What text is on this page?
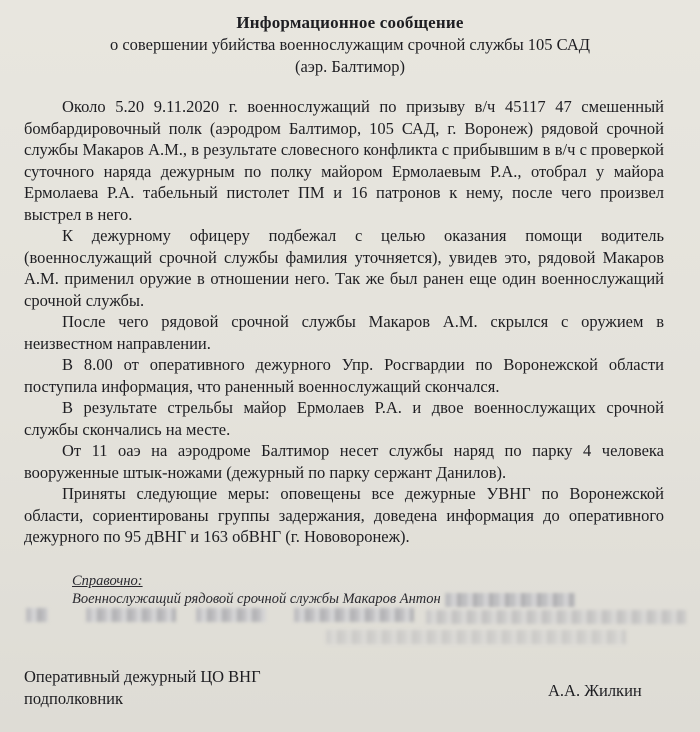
Информационное сообщение
о совершении убийства военнослужащим срочной службы 105 САД
(аэр. Балтимор)

Около 5.20 9.11.2020 г. военнослужащий по призыву в/ч 45117 47 смешенный бомбардировочный полк (аэродром Балтимор, 105 САД, г. Воронеж) рядовой срочной службы Макаров А.М., в результате словесного конфликта с прибывшим в в/ч с проверкой суточного наряда дежурным по полку майором Ермолаевым Р.А., отобрал у майора Ермолаева Р.А. табельный пистолет ПМ и 16 патронов к нему, после чего произвел выстрел в него.

К дежурному офицеру подбежал с целью оказания помощи водитель (военнослужащий срочной службы фамилия уточняется), увидев это, рядовой Макаров А.М. применил оружие в отношении него. Так же был ранен еще один военнослужащий срочной службы.

После чего рядовой срочной службы Макаров А.М. скрылся с оружием в неизвестном направлении.

В 8.00 от оперативного дежурного Упр. Росгвардии по Воронежской области поступила информация, что раненный военнослужащий скончался.

В результате стрельбы майор Ермолаев Р.А. и двое военнослужащих срочной службы скончались на месте.

От 11 оаэ на аэродроме Балтимор несет службы наряд по парку 4 человека вооруженные штык-ножами (дежурный по парку сержант Данилов).

Приняты следующие меры: оповещены все дежурные УВНГ по Воронежской области, сориентированы группы задержания, доведена информация до оперативного дежурного по 95 дВНГ и 163 обВНГ (г. Нововоронеж).

Справочно:
Военнослужащий рядовой срочной службы Макаров Антон
Оперативный дежурный ЦО ВНГ
подполковник	А.А. Жилкин
